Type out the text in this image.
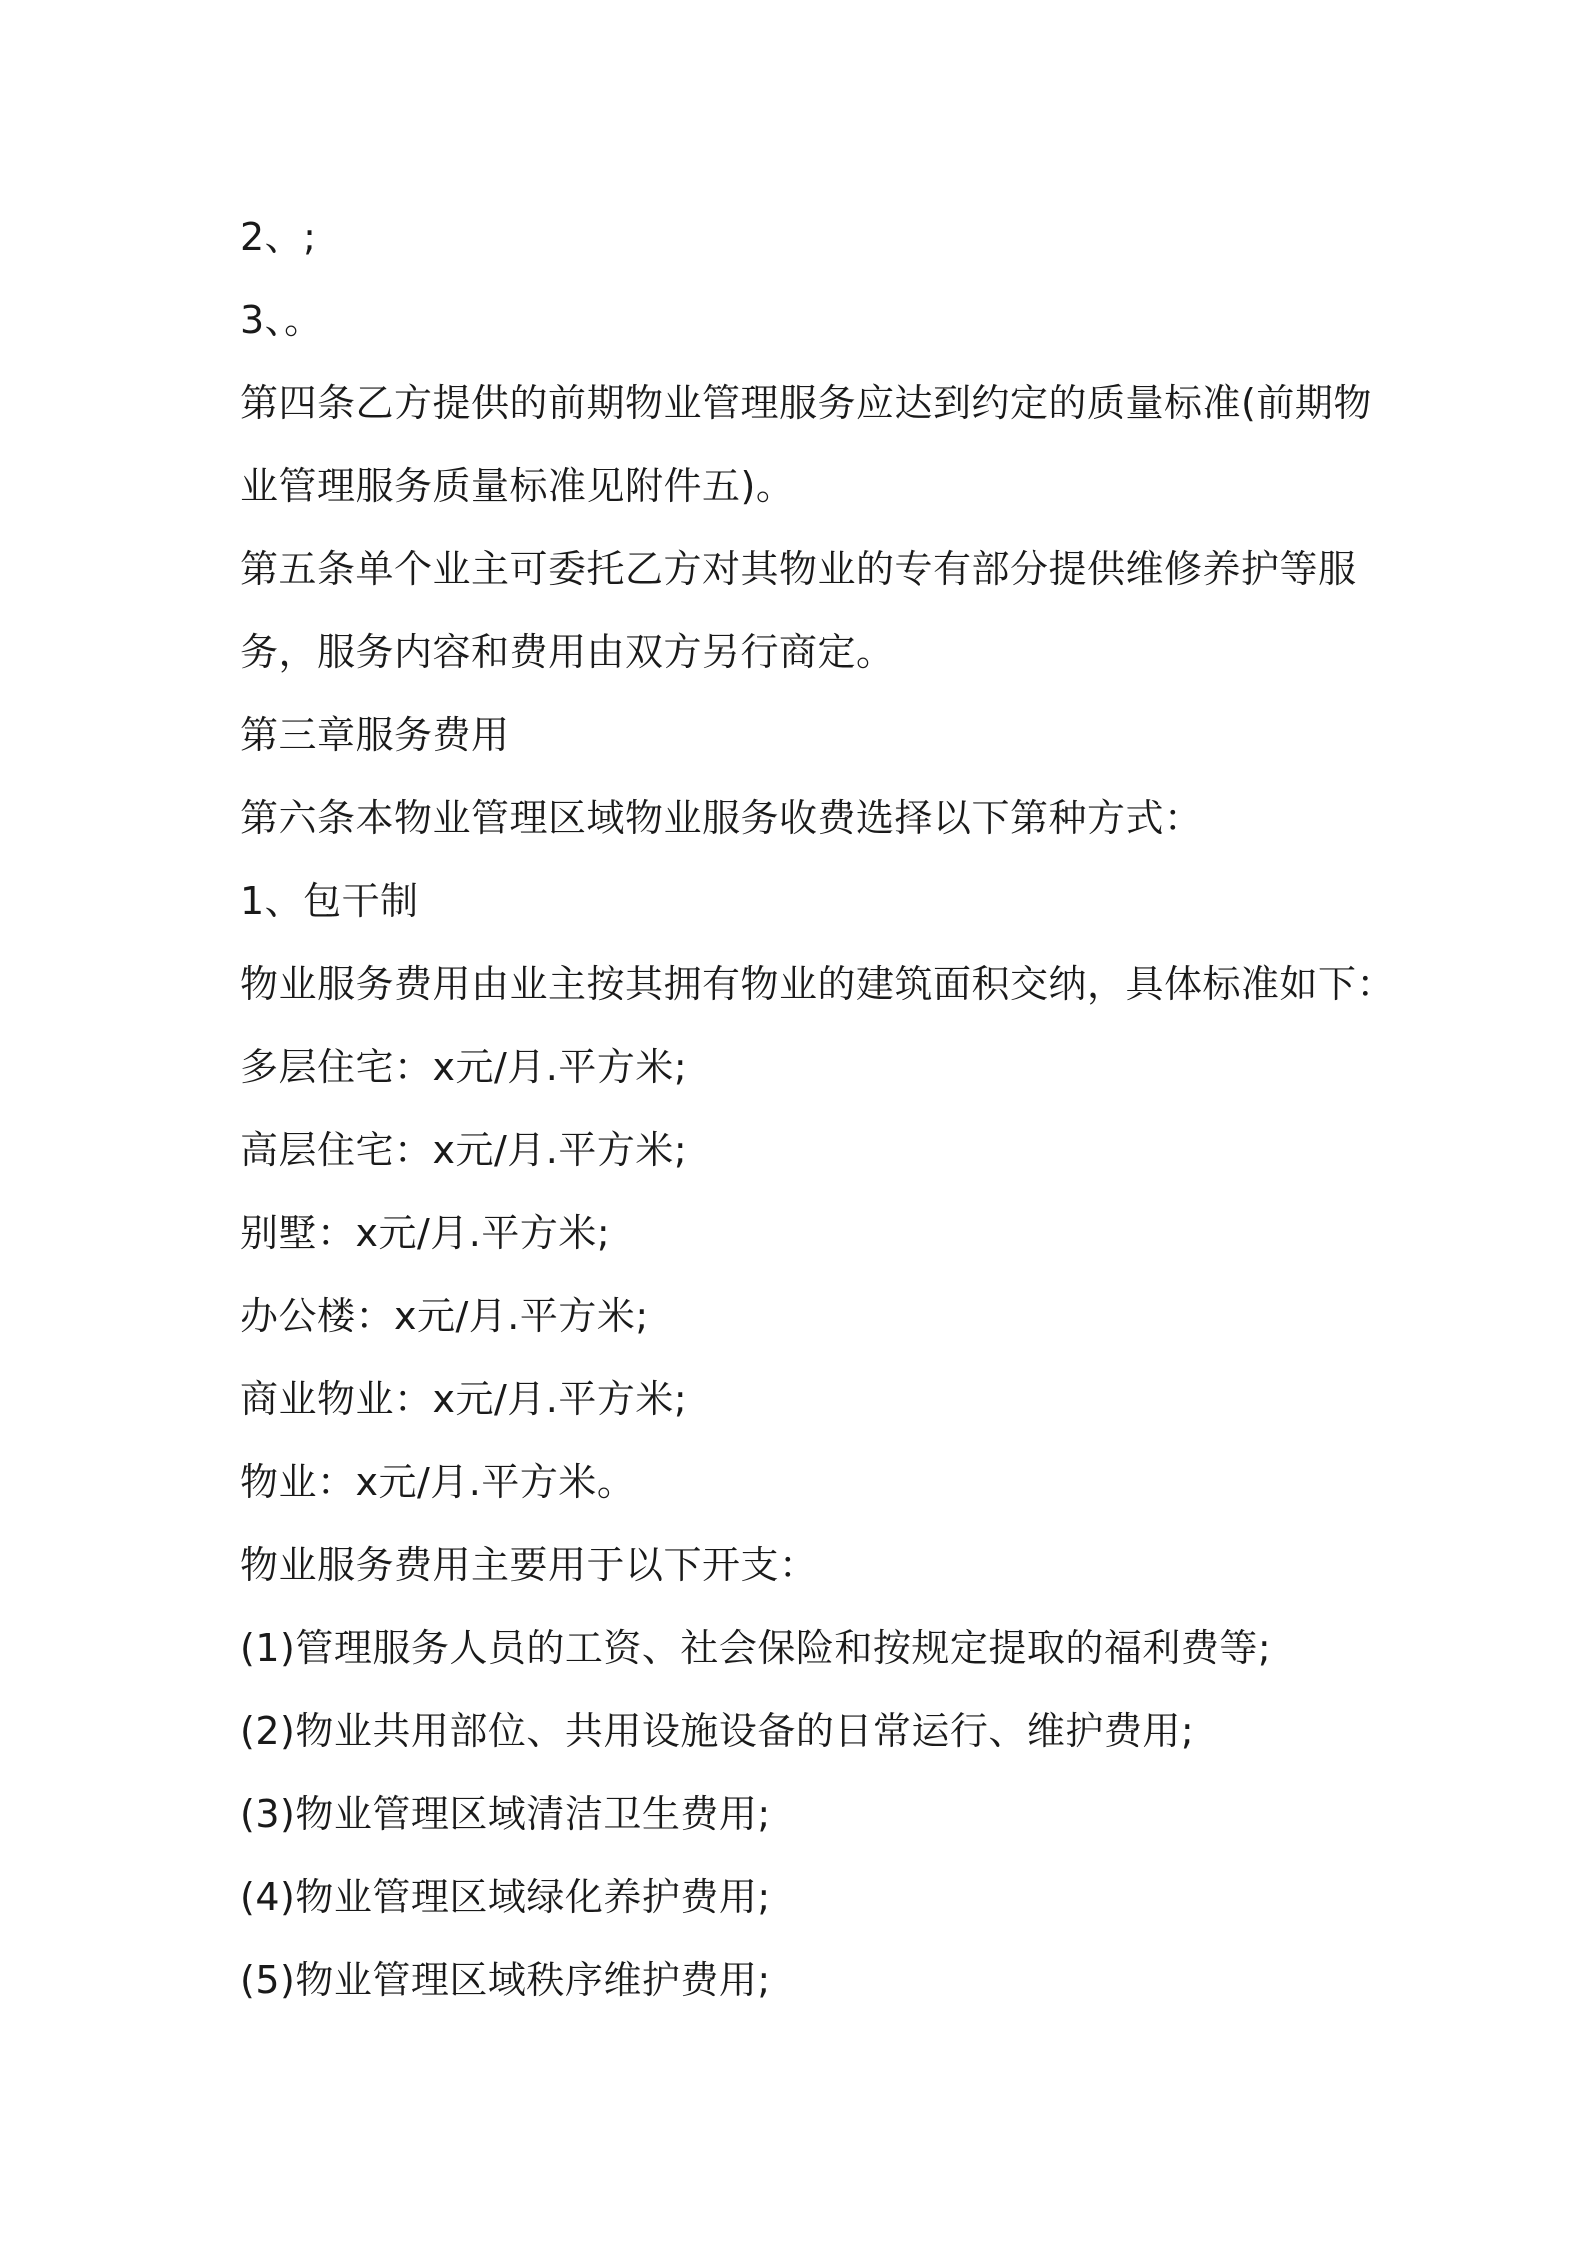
2、;

3、。

第四条乙方提供的前期物业管理服务应达到约定的质量标准(前期物

业管理服务质量标准见附件五)。

第五条单个业主可委托乙方对其物业的专有部分提供维修养护等服

务，服务内容和费用由双方另行商定。

第三章服务费用

第六条本物业管理区域物业服务收费选择以下第种方式：

1、包干制

物业服务费用由业主按其拥有物业的建筑面积交纳，具体标准如下：

多层住宅：x元/月.平方米;

高层住宅：x元/月.平方米;

别墅：x元/月.平方米;

办公楼：x元/月.平方米;

商业物业：x元/月.平方米;

物业：x元/月.平方米。

物业服务费用主要用于以下开支：

(1)管理服务人员的工资、社会保险和按规定提取的福利费等;

(2)物业共用部位、共用设施设备的日常运行、维护费用;

(3)物业管理区域清洁卫生费用;

(4)物业管理区域绿化养护费用;

(5)物业管理区域秩序维护费用;
